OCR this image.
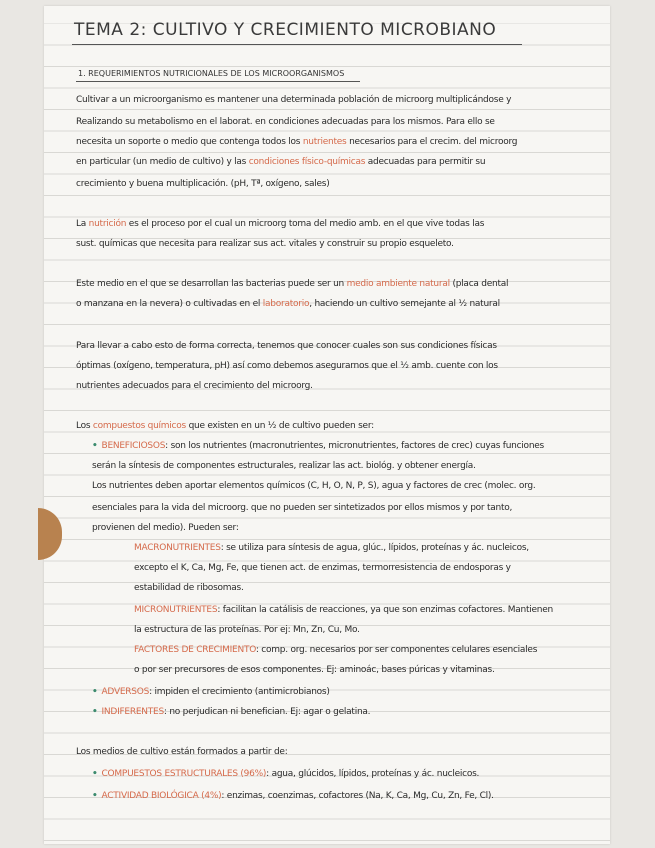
TEMA 2: CULTIVO Y CRECIMIENTO MICROBIANO
1. REQUERIMIENTOS NUTRICIONALES DE LOS MICROORGANISMOS
Cultivar a un microorganismo es mantener una determinada población de microorg multiplicándose y
Realizando su metabolismo en el laborat. en condiciones adecuadas para los mismos. Para ello se
necesita un soporte o medio que contenga todos los nutrientes necesarios para el crecim. del microorg
en particular (un medio de cultivo) y las condiciones físico-químicas adecuadas para permitir su
crecimiento y buena multiplicación. (pH, Tª, oxígeno, sales)
La nutrición es el proceso por el cual un microorg toma del medio amb. en el que vive todas las
sust. químicas que necesita para realizar sus act. vitales y construir su propio esqueleto.
Este medio en el que se desarrollan las bacterias puede ser un medio ambiente natural (placa dental
o manzana en la nevera) o cultivadas en el laboratorio, haciendo un cultivo semejante al ½ natural
Para llevar a cabo esto de forma correcta, tenemos que conocer cuales son sus condiciones físicas
óptimas (oxígeno, temperatura, pH) así como debemos asegurarnos que el ½ amb. cuente con los
nutrientes adecuados para el crecimiento del microorg.
Los compuestos químicos que existen en un ½ de cultivo pueden ser:
• BENEFICIOSOS: son los nutrientes (macronutrientes, micronutrientes, factores de crec) cuyas funciones
serán la síntesis de componentes estructurales, realizar las act. biológ. y obtener energía.
Los nutrientes deben aportar elementos químicos (C, H, O, N, P, S), agua y factores de crec (molec. org.
esenciales para la vida del microorg. que no pueden ser sintetizados por ellos mismos y por tanto,
provienen del medio). Pueden ser:
MACRONUTRIENTES: se utiliza para síntesis de agua, glúc., lípidos, proteínas y ác. nucleicos,
excepto el K, Ca, Mg, Fe, que tienen act. de enzimas, termorresistencia de endosporas y
estabilidad de ribosomas.
MICRONUTRIENTES: facilitan la catálisis de reacciones, ya que son enzimas cofactores. Mantienen
la estructura de las proteínas. Por ej: Mn, Zn, Cu, Mo.
FACTORES DE CRECIMIENTO: comp. org. necesarios por ser componentes celulares esenciales
o por ser precursores de esos componentes. Ej: aminoác, bases púricas y vitaminas.
• ADVERSOS: impiden el crecimiento (antimicrobianos)
• INDIFERENTES: no perjudican ni benefician. Ej: agar o gelatina.
Los medios de cultivo están formados a partir de:
• COMPUESTOS ESTRUCTURALES (96%): agua, glúcidos, lípidos, proteínas y ác. nucleicos.
• ACTIVIDAD BIOLÓGICA (4%): enzimas, coenzimas, cofactores (Na, K, Ca, Mg, Cu, Zn, Fe, Cl).
